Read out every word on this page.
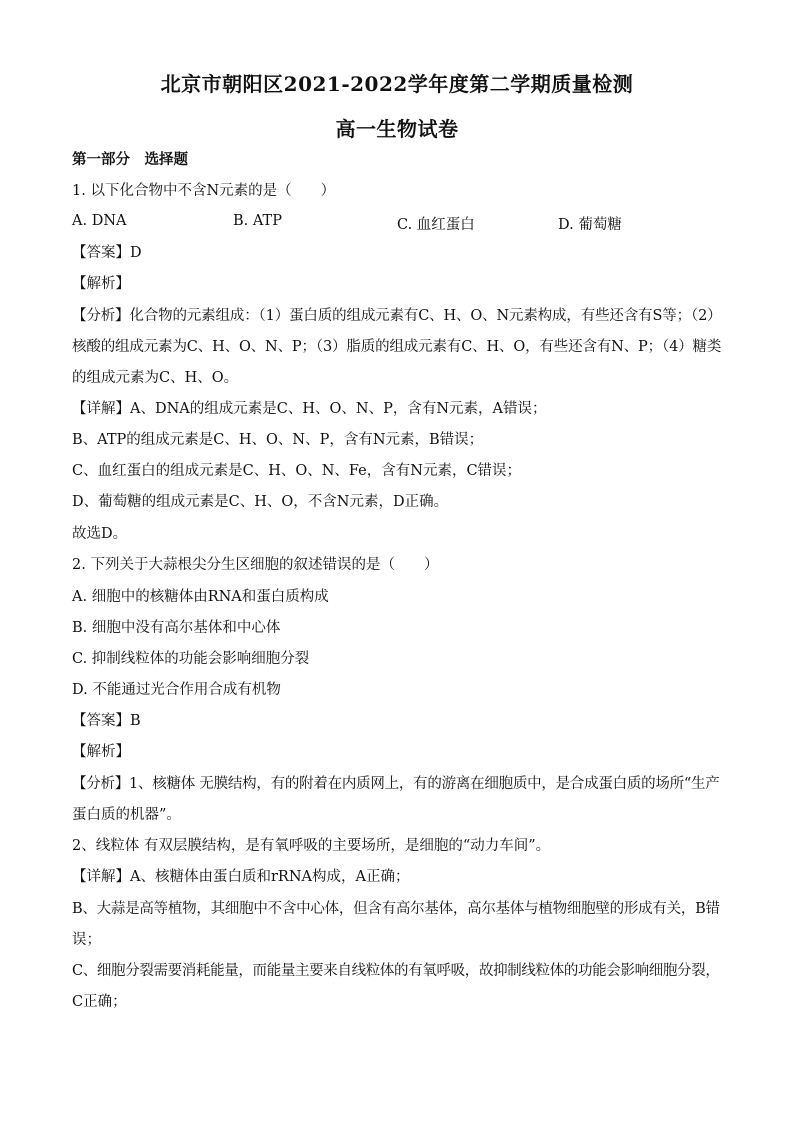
北京市朝阳区2021-2022学年度第二学期质量检测
高一生物试卷
第一部分　选择题
1. 以下化合物中不含N元素的是（　　）
A. DNA	B. ATP	C. 血红蛋白	D. 葡萄糖
【答案】D
【解析】
【分析】化合物的元素组成：（1）蛋白质的组成元素有C、H、O、N元素构成，有些还含有S等；（2）
核酸的组成元素为C、H、O、N、P；（3）脂质的组成元素有C、H、O，有些还含有N、P；（4）糖类
的组成元素为C、H、O。
【详解】A、DNA的组成元素是C、H、O、N、P，含有N元素，A错误；
B、ATP的组成元素是C、H、O、N、P，含有N元素，B错误；
C、血红蛋白的组成元素是C、H、O、N、Fe，含有N元素，C错误；
D、葡萄糖的组成元素是C、H、O，不含N元素，D正确。
故选D。
2. 下列关于大蒜根尖分生区细胞的叙述错误的是（　　）
A. 细胞中的核糖体由RNA和蛋白质构成
B. 细胞中没有高尔基体和中心体
C. 抑制线粒体的功能会影响细胞分裂
D. 不能通过光合作用合成有机物
【答案】B
【解析】
【分析】1、核糖体 无膜结构，有的附着在内质网上，有的游离在细胞质中，是合成蛋白质的场所“生产
蛋白质的机器”。
2、线粒体 有双层膜结构，是有氧呼吸的主要场所，是细胞的“动力车间”。
【详解】A、核糖体由蛋白质和rRNA构成，A正确；
B、大蒜是高等植物，其细胞中不含中心体，但含有高尔基体，高尔基体与植物细胞壁的形成有关，B错
误；
C、细胞分裂需要消耗能量，而能量主要来自线粒体的有氧呼吸，故抑制线粒体的功能会影响细胞分裂，
C正确；
